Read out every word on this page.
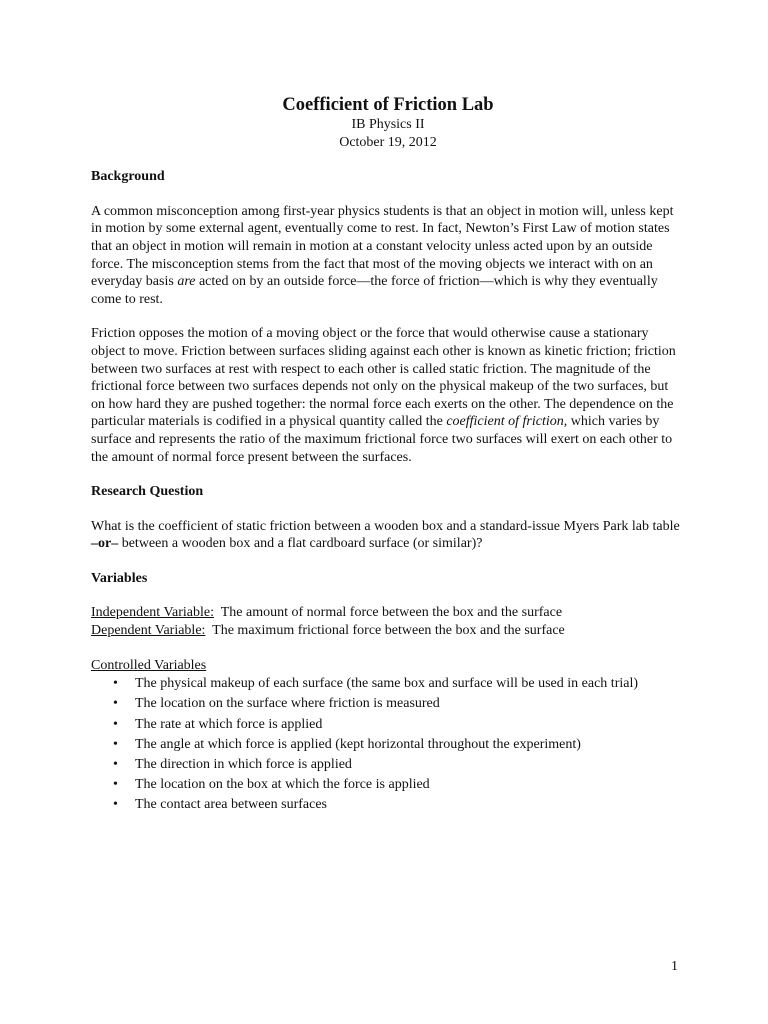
Coefficient of Friction Lab

IB Physics II

October 19, 2012

Background

A common misconception among first-year physics students is that an object in motion will, unless kept in motion by some external agent, eventually come to rest. In fact, Newton’s First Law of motion states that an object in motion will remain in motion at a constant velocity unless acted upon by an outside force. The misconception stems from the fact that most of the moving objects we interact with on an everyday basis are acted on by an outside force—the force of friction—which is why they eventually come to rest.

Friction opposes the motion of a moving object or the force that would otherwise cause a stationary object to move. Friction between surfaces sliding against each other is known as kinetic friction; friction between two surfaces at rest with respect to each other is called static friction. The magnitude of the frictional force between two surfaces depends not only on the physical makeup of the two surfaces, but on how hard they are pushed together: the normal force each exerts on the other. The dependence on the particular materials is codified in a physical quantity called the coefficient of friction, which varies by surface and represents the ratio of the maximum frictional force two surfaces will exert on each other to the amount of normal force present between the surfaces.

Research Question

What is the coefficient of static friction between a wooden box and a standard-issue Myers Park lab table –or– between a wooden box and a flat cardboard surface (or similar)?

Variables

Independent Variable:  The amount of normal force between the box and the surface

Dependent Variable:  The maximum frictional force between the box and the surface

Controlled Variables

• The physical makeup of each surface (the same box and surface will be used in each trial)
• The location on the surface where friction is measured
• The rate at which force is applied
• The angle at which force is applied (kept horizontal throughout the experiment)
• The direction in which force is applied
• The location on the box at which the force is applied
• The contact area between surfaces
1
